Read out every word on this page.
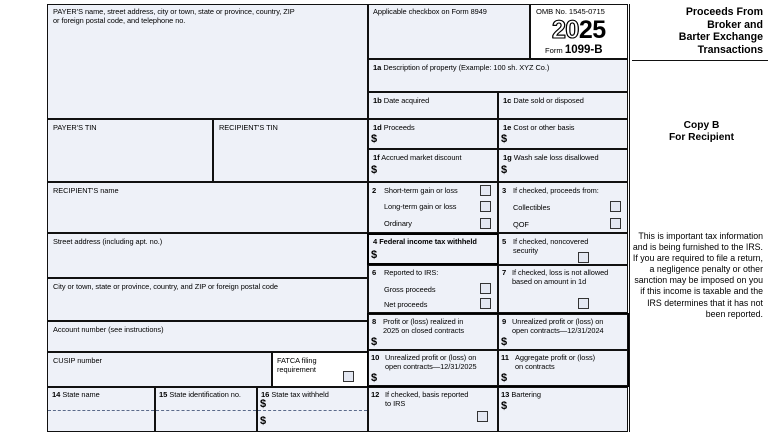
PAYER'S name, street address, city or town, state or province, country, ZIP
or foreign postal code, and telephone no.
PAYER'S TIN	RECIPIENT'S TIN
RECIPIENT'S name
Street address (including apt. no.)
City or town, state or province, country, and ZIP or foreign postal code
Account number (see instructions)
CUSIP number	FATCA filing
requirement
14 State name	15 State identification no.	16 State tax withheld
$
$
Applicable checkbox on Form 8949	OMB No. 1545-0715
2025
Form 1099-B
1a Description of property (Example: 100 sh. XYZ Co.)
1b Date acquired	1c Date sold or disposed
1d Proceeds
$
1e Cost or other basis
$
1f Accrued market discount
$
1g Wash sale loss disallowed
$
2 Short-term gain or loss
Long-term gain or loss
Ordinary
3 If checked, proceeds from:
Collectibles
QOF
4 Federal income tax withheld
$
5 If checked, noncovered
security
6 Reported to IRS:
Gross proceeds
Net proceeds
7 If checked, loss is not allowed
based on amount in 1d
8 Profit or (loss) realized in
2025 on closed contracts
$
9 Unrealized profit or (loss) on
open contracts—12/31/2024
$
10 Unrealized profit or (loss) on
open contracts—12/31/2025
$
11 Aggregate profit or (loss)
on contracts
$
12 If checked, basis reported
to IRS
13 Bartering
$
Proceeds From
Broker and
Barter Exchange
Transactions
Copy B
For Recipient
This is important tax information and is being furnished to the IRS. If you are required to file a return, a negligence penalty or other sanction may be imposed on you if this income is taxable and the IRS determines that it has not been reported.
